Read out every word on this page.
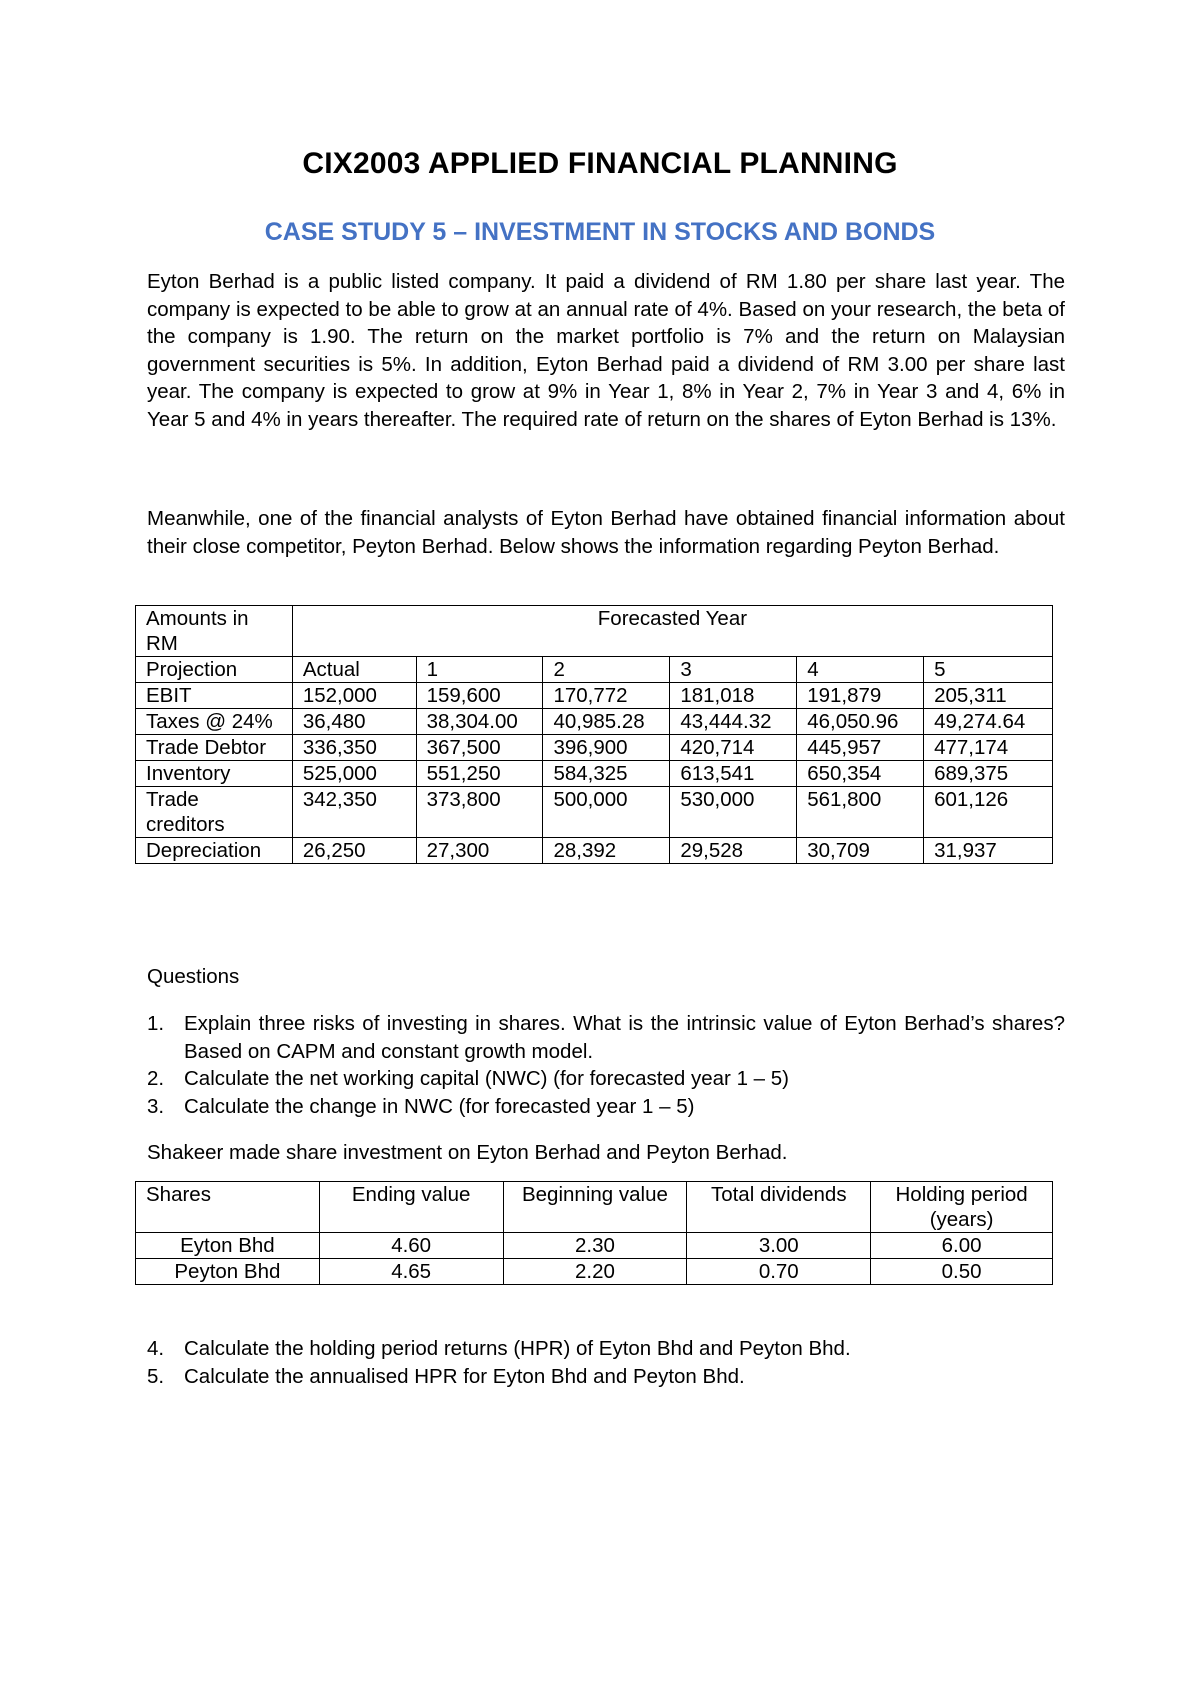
CIX2003 APPLIED FINANCIAL PLANNING
CASE STUDY 5 – INVESTMENT IN STOCKS AND BONDS

Eyton Berhad is a public listed company. It paid a dividend of RM 1.80 per share last year. The company is expected to be able to grow at an annual rate of 4%. Based on your research, the beta of the company is 1.90. The return on the market portfolio is 7% and the return on Malaysian government securities is 5%. In addition, Eyton Berhad paid a dividend of RM 3.00 per share last year. The company is expected to grow at 9% in Year 1, 8% in Year 2, 7% in Year 3 and 4, 6% in Year 5 and 4% in years thereafter. The required rate of return on the shares of Eyton Berhad is 13%.

Meanwhile, one of the financial analysts of Eyton Berhad have obtained financial information about their close competitor, Peyton Berhad. Below shows the information regarding Peyton Berhad.

Amounts in RM	Forecasted Year					
Projection	Actual	1	2	3	4	5
EBIT	152,000	159,600	170,772	181,018	191,879	205,311
Taxes @ 24%	36,480	38,304.00	40,985.28	43,444.32	46,050.96	49,274.64
Trade Debtor	336,350	367,500	396,900	420,714	445,957	477,174
Inventory	525,000	551,250	584,325	613,541	650,354	689,375
Trade creditors	342,350	373,800	500,000	530,000	561,800	601,126
Depreciation	26,250	27,300	28,392	29,528	30,709	31,937
Questions
1. Explain three risks of investing in shares. What is the intrinsic value of Eyton Berhad’s shares? Based on CAPM and constant growth model.
2. Calculate the net working capital (NWC) (for forecasted year 1 – 5)
3. Calculate the change in NWC (for forecasted year 1 – 5)

Shakeer made share investment on Eyton Berhad and Peyton Berhad.

Shares	Ending value	Beginning value	Total dividends	Holding period (years)
Eyton Bhd	4.60	2.30	3.00	6.00
Peyton Bhd	4.65	2.20	0.70	0.50
4. Calculate the holding period returns (HPR) of Eyton Bhd and Peyton Bhd.
5. Calculate the annualised HPR for Eyton Bhd and Peyton Bhd.
